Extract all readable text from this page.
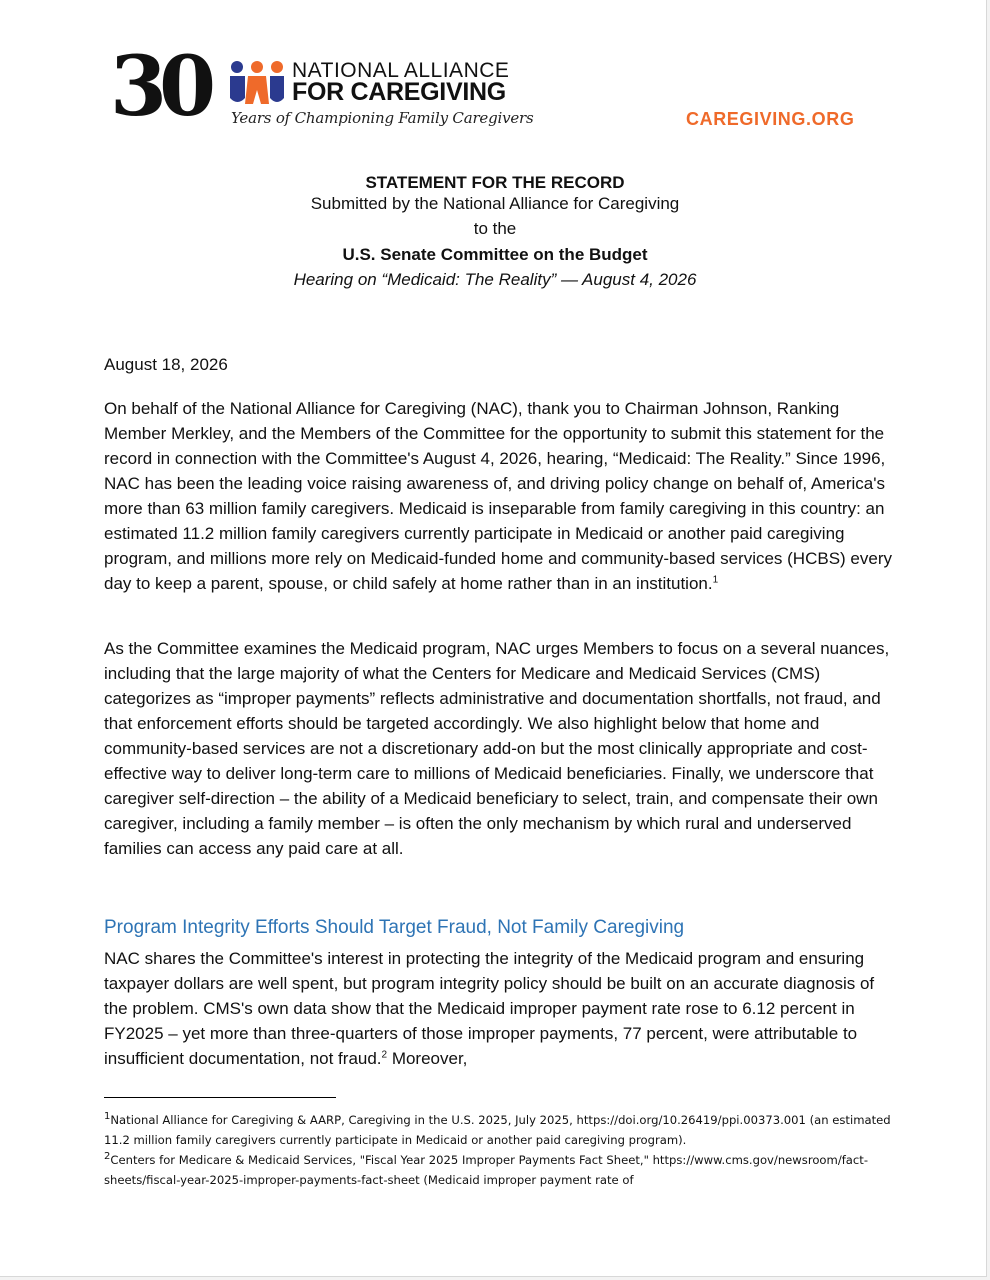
30	NATIONAL ALLIANCE
FOR CAREGIVING
Years of Championing Family Caregivers	CAREGIVING.ORG
STATEMENT FOR THE RECORD
Submitted by the National Alliance for Caregiving
to the
U.S. Senate Committee on the Budget
Hearing on “Medicaid: The Reality” — August 4, 2026
August 18, 2026

On behalf of the National Alliance for Caregiving (NAC), thank you to Chairman Johnson, Ranking Member Merkley, and the Members of the Committee for the opportunity to submit this statement for the record in connection with the Committee's August 4, 2026, hearing, “Medicaid: The Reality.” Since 1996, NAC has been the leading voice raising awareness of, and driving policy change on behalf of, America's more than 63 million family caregivers. Medicaid is inseparable from family caregiving in this country: an estimated 11.2 million family caregivers currently participate in Medicaid or another paid caregiving program, and millions more rely on Medicaid-funded home and community-based services (HCBS) every day to keep a parent, spouse, or child safely at home rather than in an institution.$^1$

As the Committee examines the Medicaid program, NAC urges Members to focus on a several nuances, including that the large majority of what the Centers for Medicare and Medicaid Services (CMS) categorizes as “improper payments” reflects administrative and documentation shortfalls, not fraud, and that enforcement efforts should be targeted accordingly. We also highlight below that home and community-based services are not a discretionary add-on but the most clinically appropriate and cost-effective way to deliver long-term care to millions of Medicaid beneficiaries. Finally, we underscore that caregiver self-direction – the ability of a Medicaid beneficiary to select, train, and compensate their own caregiver, including a family member – is often the only mechanism by which rural and underserved families can access any paid care at all.

Program Integrity Efforts Should Target Fraud, Not Family Caregiving

NAC shares the Committee's interest in protecting the integrity of the Medicaid program and ensuring taxpayer dollars are well spent, but program integrity policy should be built on an accurate diagnosis of the problem. CMS's own data show that the Medicaid improper payment rate rose to 6.12 percent in FY2025 – yet more than three-quarters of those improper payments, 77 percent, were attributable to insufficient documentation, not fraud.$^2$ Moreover,

$^1$National Alliance for Caregiving & AARP, Caregiving in the U.S. 2025, July 2025, https://doi.org/10.26419/ppi.00373.001 (an estimated 11.2 million family caregivers currently participate in Medicaid or another paid caregiving program).
$^2$Centers for Medicare & Medicaid Services, "Fiscal Year 2025 Improper Payments Fact Sheet," https://www.cms.gov/newsroom/fact-sheets/fiscal-year-2025-improper-payments-fact-sheet (Medicaid improper payment rate of
